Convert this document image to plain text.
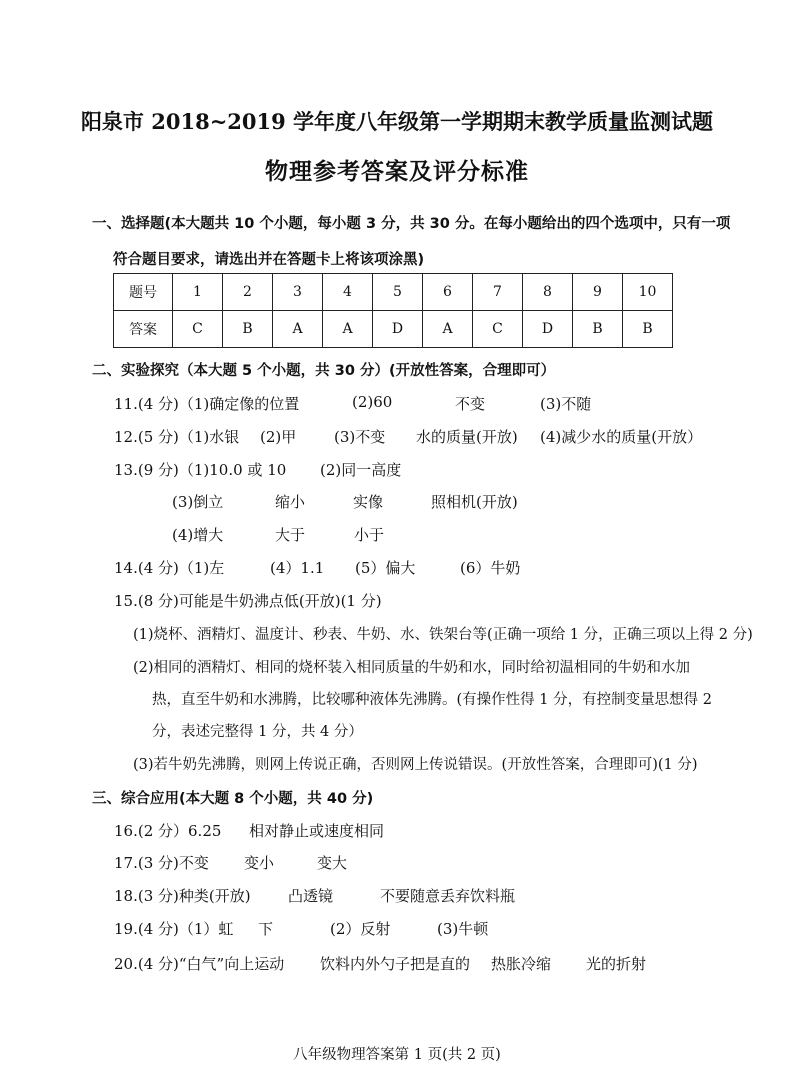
阳泉市 2018~2019 学年度八年级第一学期期末教学质量监测试题
物理参考答案及评分标准
一、选择题(本大题共 10 个小题，每小题 3 分，共 30 分。在每小题给出的四个选项中，只有一项
符合题目要求，请选出并在答题卡上将该项涂黑)
题号	1	2	3	4	5	6	7	8	9	10
答案	C	B	A	A	D	A	C	D	B	B
二、实验探究（本大题 5 个小题，共 30 分）(开放性答案，合理即可）
11.(4 分)（1)确定像的位置	(2)60	不变	(3)不随
12.(5 分)（1)水银 (2)甲	(3)不变 水的质量(开放) (4)减少水的质量(开放）
13.(9 分)（1)10.0 或 10 (2)同一高度
(3)倒立	缩小	实像	照相机(开放)
(4)增大	大于	小于
14.(4 分)（1)左	(4）1.1 (5）偏大	(6）牛奶
15.(8 分)可能是牛奶沸点低(开放)(1 分)
(1)烧杯、酒精灯、温度计、秒表、牛奶、水、铁架台等(正确一项给 1 分，正确三项以上得 2 分)
(2)相同的酒精灯、相同的烧杯装入相同质量的牛奶和水，同时给初温相同的牛奶和水加
热，直至牛奶和水沸腾，比较哪种液体先沸腾。(有操作性得 1 分，有控制变量思想得 2
分，表述完整得 1 分，共 4 分）
(3)若牛奶先沸腾，则网上传说正确，否则网上传说错误。(开放性答案，合理即可)(1 分)
三、综合应用(本大题 8 个小题，共 40 分)
16.(2 分）6.25 相对静止或速度相同
17.(3 分)不变 变小	变大
18.(3 分)种类(开放) 凸透镜	不要随意丢弃饮料瓶
19.(4 分)（1）虹 下	(2）反射	(3)牛顿
20.(4 分)“白气”向上运动 饮料内外勺子把是直的 热胀冷缩 光的折射
八年级物理答案第 1 页(共 2 页)
